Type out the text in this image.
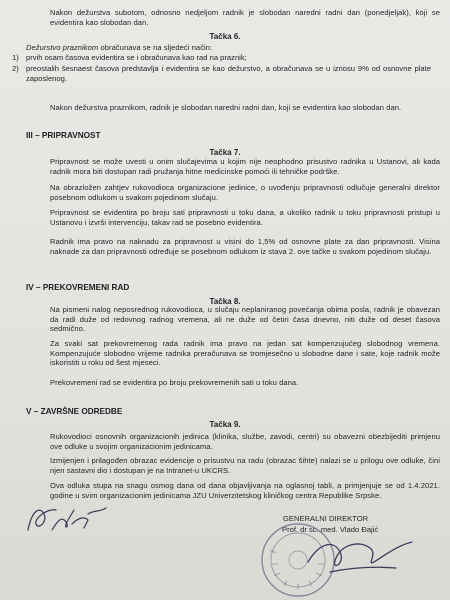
Nakon dežurstva subotom, odnosno nedjeljom radnik je slobodan naredni radni dan (ponedjeljak), koji se evidentira kao slobodan dan.

Tačka 6.

Dežurstvo praznikom obračunava se na sljedeći način:

1) prvih osam časova evidentira se i obračunava kao rad na praznik;
2) preostalih šesnaest časova predstavlja i evidentira se kao dežurstvo, a obračunava se u iznosu 9% od osnovne plate zaposlenog.

Nakon dežurstva praznikom, radnik je slobodan naredni radni dan, koji se evidentira kao slobodan dan.

III – PRIPRAVNOST
Tačka 7.

Pripravnost se može uvesti u onim slučajevima u kojim nije neophodno prisustvo radnika u Ustanovi, ali kada radnik mora biti dostupan radi pružanja hitne medicinske pomoći ili tehničke podrške.

Na obrazložen zahtjev rukovodioca organizacione jedinice, o uvođenju pripravnosti odlučuje generalni direktor posebnom odlukom u svakom pojedinom slučaju.

Pripravnost se evidentira po broju sati pripravnosti u toku dana, a ukoliko radnik u toku pripravnosti pristupi u Ustanovu i izvrši intervenciju, takav rad se posebno evidentira.

Radnik ima pravo na naknadu za pripravnost u visini do 1,5% od osnovne plate za dan pripravnosti. Visina naknade za dan pripravnosti određuje se posebnom odlukom iz stava 2. ove tačke u svakom pojedinom slučaju.

IV – PREKOVREMENI RAD
Tačka 8.

Na pismeni nalog neposrednog rukovodioca, u slučaju neplaniranog povećanja obima posla, radnik je obavezan da radi duže od redovnog radnog vremena, ali ne duže od četiri časa dnevno, niti duže od deset časova sedmično.

Za svaki sat prekovremenog rada radnik ima pravo na jedan sat kompenzujućeg slobodnog vremena. Kompenzujuće slobodno vrijeme radnika preračunava se tromjesečno u slobodne dane i sate, koje radnik može iskoristiti u roku od šest mjeseci.

Prekovremeni rad se evidentira po broju prekovremenih sati u toku dana.

V – ZAVRŠNE ODREDBE
Tačka 9.

Rukovodioci osnovnih organizacionih jedinica (klinika, službe, zavodi, centri) su obavezni obezbijediti primjenu ove odluke u svojim organizacionim jedinicama.

Izmijenjen i prilagođen obrazac evidencije o prisustvu na radu (obrazac šihte) nalazi se u prilogu ove odluke, čini njen sastavni dio i dostupan je na Intranet-u UKCRS.

Ova odluka stupa na snagu osmog dana od dana objavljivanja na oglasnoj tabli, a primjenjuje se od 1.4.2021. godine u svim organizacionim jedinicama JZU Univerzitetskog kliničkog centra Republike Srpske.

GENERALNI DIREKTOR
Prof. dr sc. med. Vlado Đajić
